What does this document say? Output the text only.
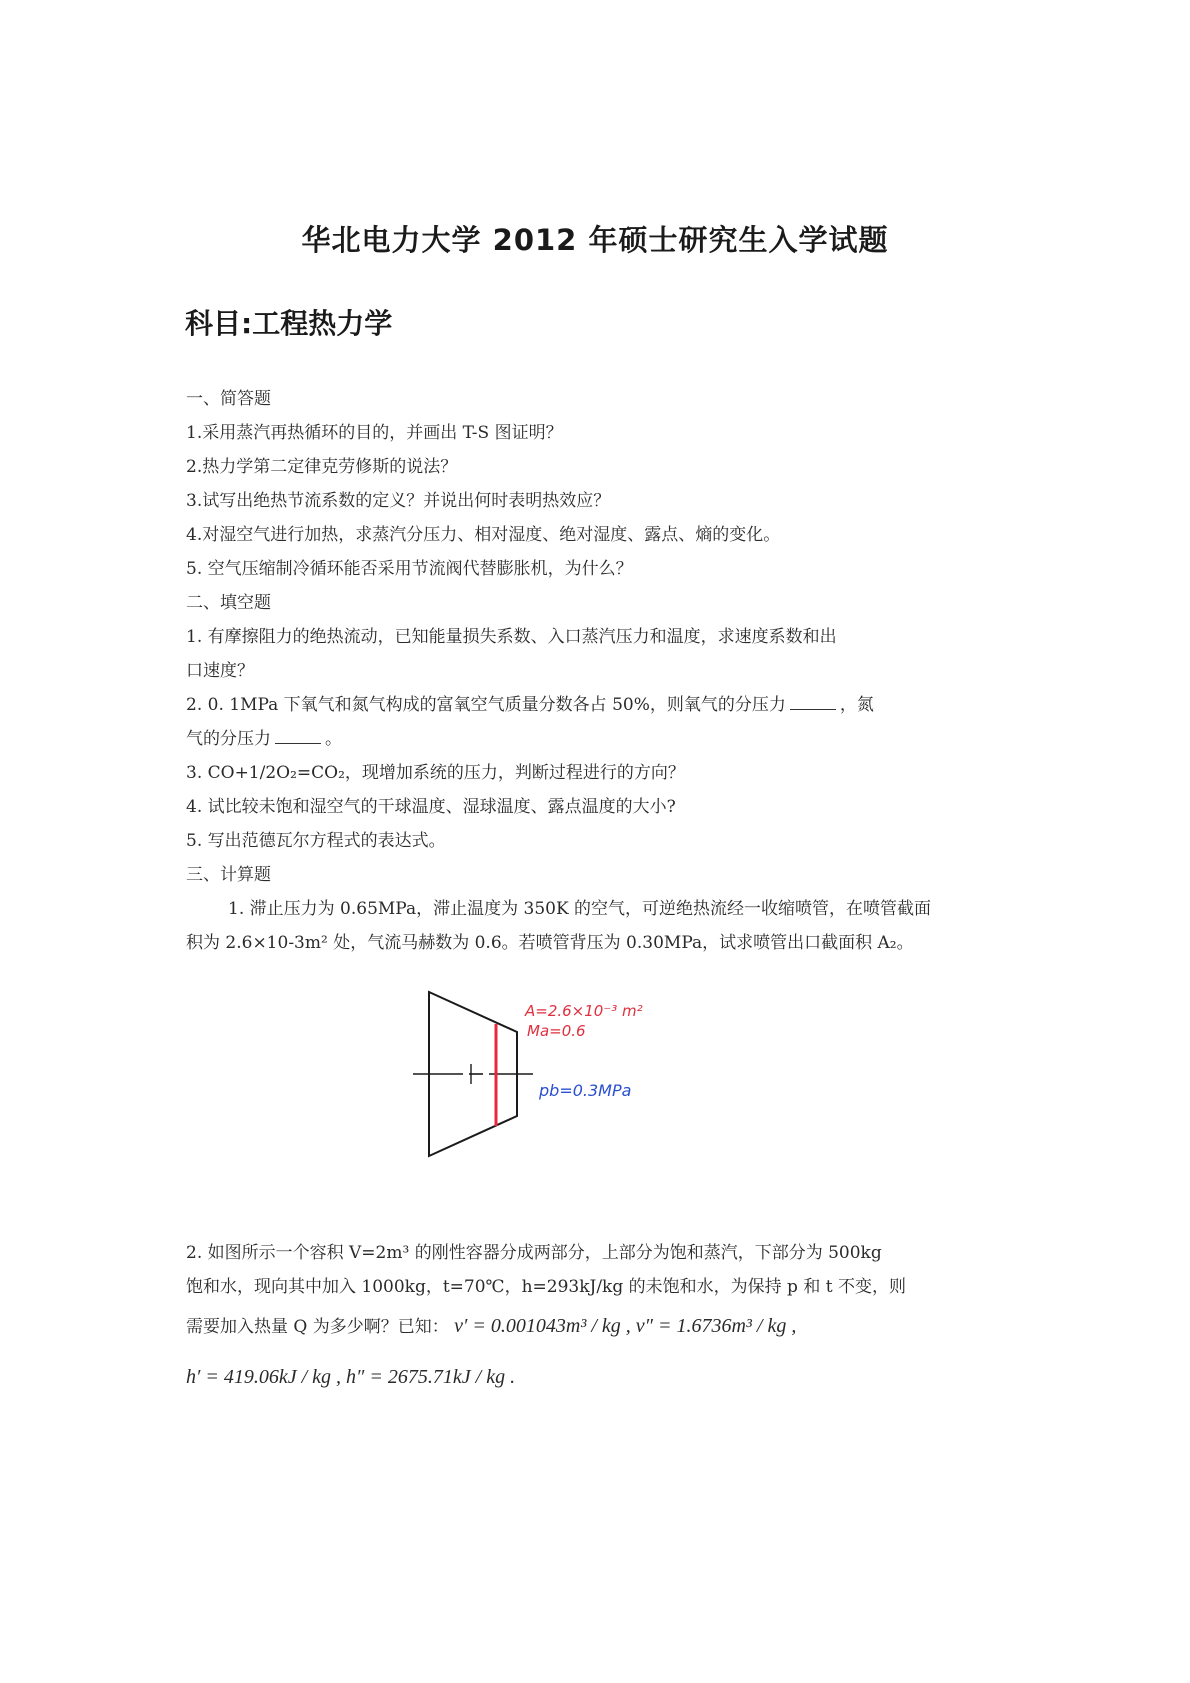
华北电力大学 2012 年硕士研究生入学试题
科目:工程热力学
一、简答题
1.采用蒸汽再热循环的目的，并画出 T-S 图证明？
2.热力学第二定律克劳修斯的说法？
3.试写出绝热节流系数的定义？并说出何时表明热效应？
4.对湿空气进行加热，求蒸汽分压力、相对湿度、绝对湿度、露点、熵的变化。
5. 空气压缩制冷循环能否采用节流阀代替膨胀机，为什么？
二、填空题
1. 有摩擦阻力的绝热流动，已知能量损失系数、入口蒸汽压力和温度，求速度系数和出
口速度？
2. 0. 1MPa 下氧气和氮气构成的富氧空气质量分数各占 50%，则氧气的分压力	，氮
气的分压力	。
3. CO+1/2O₂=CO₂，现增加系统的压力，判断过程进行的方向？
4. 试比较未饱和湿空气的干球温度、湿球温度、露点温度的大小?
5. 写出范德瓦尔方程式的表达式。
三、计算题
1. 滞止压力为 0.65MPa，滞止温度为 350K 的空气，可逆绝热流经一收缩喷管，在喷管截面
积为 2.6×10-3m² 处，气流马赫数为 0.6。若喷管背压为 0.30MPa，试求喷管出口截面积 A₂。
A=2.6×10⁻³ m²
Ma=0.6
pb=0.3MPa
2. 如图所示一个容积 V=2m³ 的刚性容器分成两部分，上部分为饱和蒸汽，下部分为 500kg
饱和水，现向其中加入 1000kg，t=70℃，h=293kJ/kg 的未饱和水，为保持 p 和 t 不变，则
需要加入热量 Q 为多少啊？已知： v′ = 0.001043m³ / kg , v″ = 1.6736m³ / kg ,
h′ = 419.06kJ / kg , h″ = 2675.71kJ / kg .
